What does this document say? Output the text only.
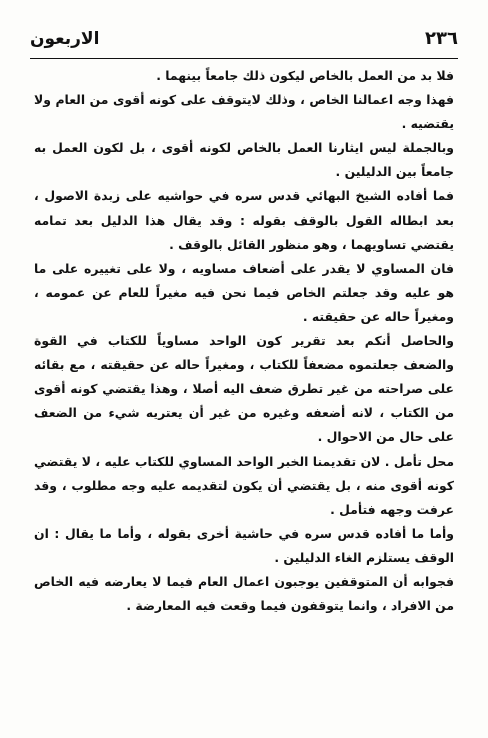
٢٣٦
الاربعون

فلا بد من العمل بالخاص ليكون ذلك جامعاً بينهما .

فهذا وجه اعمالنا الخاص ، وذلك لايتوقف على كونه أقوى من العام ولا يقتضيه .

وبالجملة ليس ايثارنا العمل بالخاص لكونه أقوى ، بل لكون العمل به جامعاً بين الدليلين .

فما أفاده الشيخ البهائي قدس سره في حواشيه على زبدة الاصول ، بعد ابطاله القول بالوقف بقوله : وقد يقال هذا الدليل بعد تمامه يقتضي تساويهما ، وهو منظور القائل بالوقف .

فان المساوي لا يقدر على أضعاف مساويه ، ولا على تغييره على ما هو عليه وقد جعلتم الخاص فيما نحن فيه مغيراً للعام عن عمومه ، ومغيراً حاله عن حقيقته .

والحاصل أنكم بعد تقرير كون الواحد مساوياً للكتاب في القوة والضعف جعلتموه مضعفاً للكتاب ، ومغيراً حاله عن حقيقته ، مع بقائه على صراحته من غير تطرق ضعف اليه أصلا ، وهذا يقتضي كونه أقوى من الكتاب ، لانه أضعفه وغيره من غير أن يعتريه شيء من الضعف على حال من الاحوال .

محل تأمل . لان تقديمنا الخبر الواحد المساوي للكتاب عليه ، لا يقتضي كونه أقوى منه ، بل يقتضي أن يكون لتقديمه عليه وجه مطلوب ، وقد عرفت وجهه فتأمل .

وأما ما أفاده قدس سره في حاشية أخرى بقوله ، وأما ما يقال : ان الوقف يستلزم الغاء الدليلين .

فجوابه أن المتوقفين يوجبون اعمال العام فيما لا يعارضه فيه الخاص من الافراد ، وانما يتوقفون فيما وقعت فيه المعارضة .
